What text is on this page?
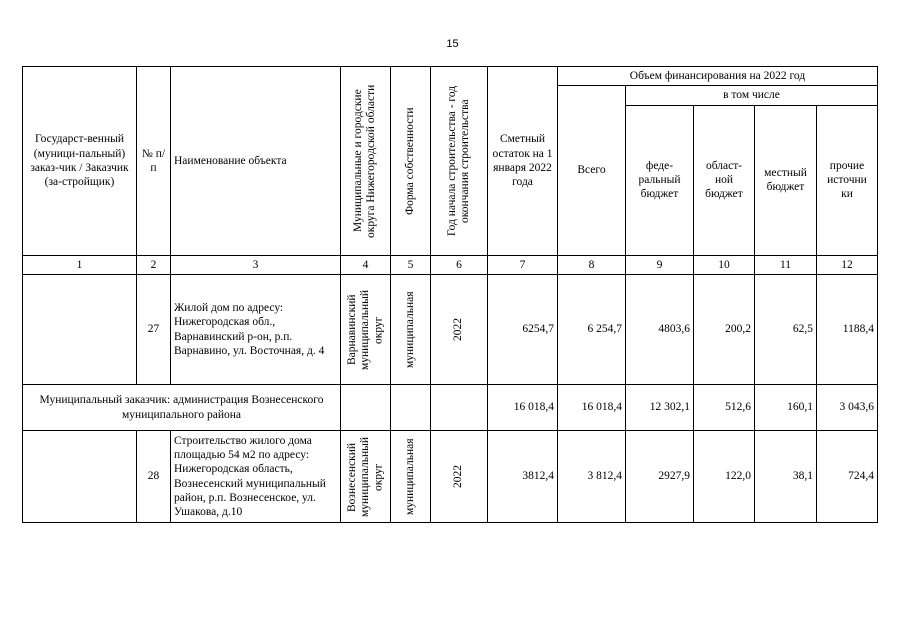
15
Государст-венный (муници-пальный) заказ-чик / Заказчик (за-стройщик)	№ п/п	Наименование объекта	Муниципальные и городские округа Нижегородской области	Форма собственности	Год начала строительства - год окончания строительства	Сметный остаток на 1 января 2022 года	Объем финансирования на 2022 год				
							Всего	в том числе			
								феде-ральный бюджет	област-ной бюджет	местный бюджет	прочие источни ки
1	2	3	4	5	6	7	8	9	10	11	12
	27	Жилой дом по адресу: Нижегородская обл., Варнавинский р-он, р.п. Варнавино, ул. Восточная, д. 4	Варнавинский муниципальный округ	муниципальная	2022	6254,7	6 254,7	4803,6	200,2	62,5	1188,4
Муниципальный заказчик: администрация Вознесенского муниципального района						16 018,4	16 018,4	12 302,1	512,6	160,1	3 043,6
	28	Строительство жилого дома площадью 54 м2 по адресу: Нижегородская область, Вознесенский муниципальный район, р.п. Вознесенское, ул. Ушакова, д.10	Вознесенский муниципальный округ	муниципальная	2022	3812,4	3 812,4	2927,9	122,0	38,1	724,4
